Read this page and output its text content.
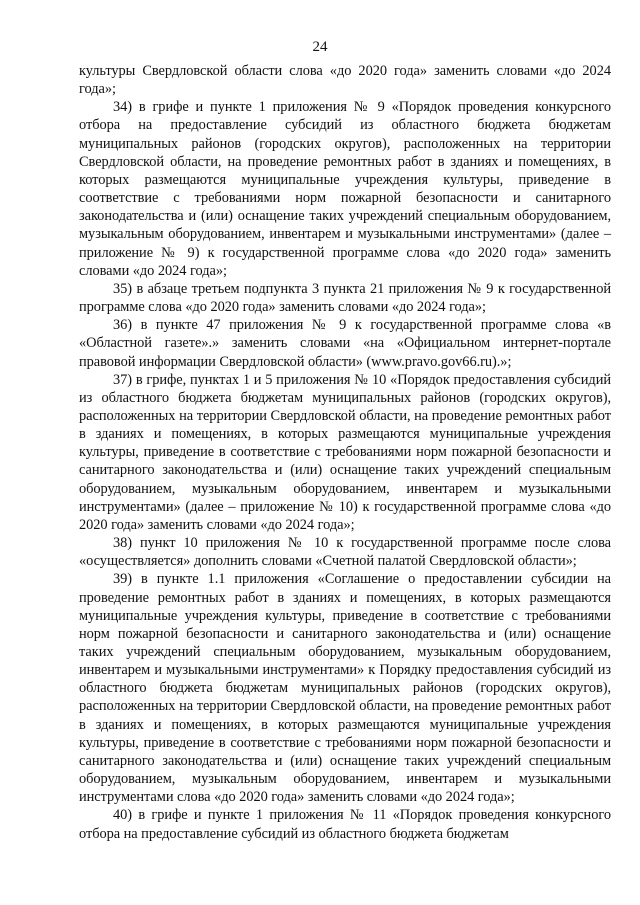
24

культуры Свердловской области слова «до 2020 года» заменить словами «до 2024 года»;

34) в грифе и пункте 1 приложения № 9 «Порядок проведения конкурсного отбора на предоставление субсидий из областного бюджета бюджетам муниципальных районов (городских округов), расположенных на территории Свердловской области, на проведение ремонтных работ в зданиях и помещениях, в которых размещаются муниципальные учреждения культуры, приведение в соответствие с требованиями норм пожарной безопасности и санитарного законодательства и (или) оснащение таких учреждений специальным оборудованием, музыкальным оборудованием, инвентарем и музыкальными инструментами» (далее – приложение № 9) к государственной программе слова «до 2020 года» заменить словами «до 2024 года»;

35) в абзаце третьем подпункта 3 пункта 21 приложения № 9 к государственной программе слова «до 2020 года» заменить словами «до 2024 года»;

36) в пункте 47 приложения № 9 к государственной программе слова «в «Областной газете».» заменить словами «на «Официальном интернет-портале правовой информации Свердловской области» (www.pravo.gov66.ru).»;

37) в грифе, пунктах 1 и 5 приложения № 10 «Порядок предоставления субсидий из областного бюджета бюджетам муниципальных районов (городских округов), расположенных на территории Свердловской области, на проведение ремонтных работ в зданиях и помещениях, в которых размещаются муниципальные учреждения культуры, приведение в соответствие с требованиями норм пожарной безопасности и санитарного законодательства и (или) оснащение таких учреждений специальным оборудованием, музыкальным оборудованием, инвентарем и музыкальными инструментами» (далее – приложение № 10) к государственной программе слова «до 2020 года» заменить словами «до 2024 года»;

38) пункт 10 приложения № 10 к государственной программе после слова «осуществляется» дополнить словами «Счетной палатой Свердловской области»;

39) в пункте 1.1 приложения «Соглашение о предоставлении субсидии на проведение ремонтных работ в зданиях и помещениях, в которых размещаются муниципальные учреждения культуры, приведение в соответствие с требованиями норм пожарной безопасности и санитарного законодательства и (или) оснащение таких учреждений специальным оборудованием, музыкальным оборудованием, инвентарем и музыкальными инструментами» к Порядку предоставления субсидий из областного бюджета бюджетам муниципальных районов (городских округов), расположенных на территории Свердловской области, на проведение ремонтных работ в зданиях и помещениях, в которых размещаются муниципальные учреждения культуры, приведение в соответствие с требованиями норм пожарной безопасности и санитарного законодательства и (или) оснащение таких учреждений специальным оборудованием, музыкальным оборудованием, инвентарем и музыкальными инструментами слова «до 2020 года» заменить словами «до 2024 года»;

40) в грифе и пункте 1 приложения № 11 «Порядок проведения конкурсного отбора на предоставление субсидий из областного бюджета бюджетам
